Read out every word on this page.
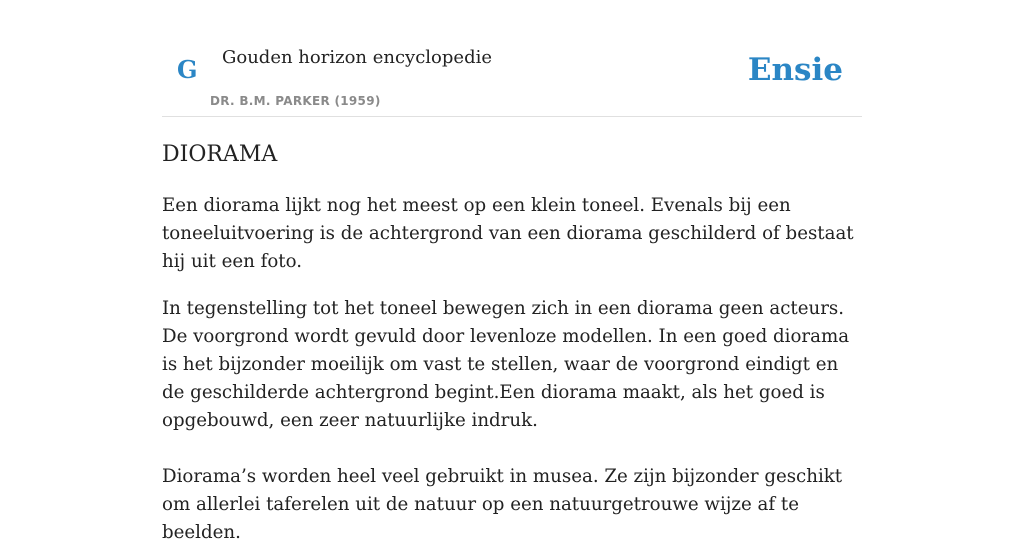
G Gouden horizon encyclopedie
DR. B.M. PARKER (1959)
Ensie
DIORAMA

Een diorama lijkt nog het meest op een klein toneel. Evenals bij een toneeluitvoering is de achtergrond van een diorama geschilderd of bestaat hij uit een foto.

In tegenstelling tot het toneel bewegen zich in een diorama geen acteurs. De voorgrond wordt gevuld door levenloze modellen. In een goed diorama is het bijzonder moeilijk om vast te stellen, waar de voorgrond eindigt en de geschilderde achtergrond begint.Een diorama maakt, als het goed is opgebouwd, een zeer natuurlijke indruk.

Diorama’s worden heel veel gebruikt in musea. Ze zijn bijzonder geschikt om allerlei taferelen uit de natuur op een natuurgetrouwe wijze af te beelden.
